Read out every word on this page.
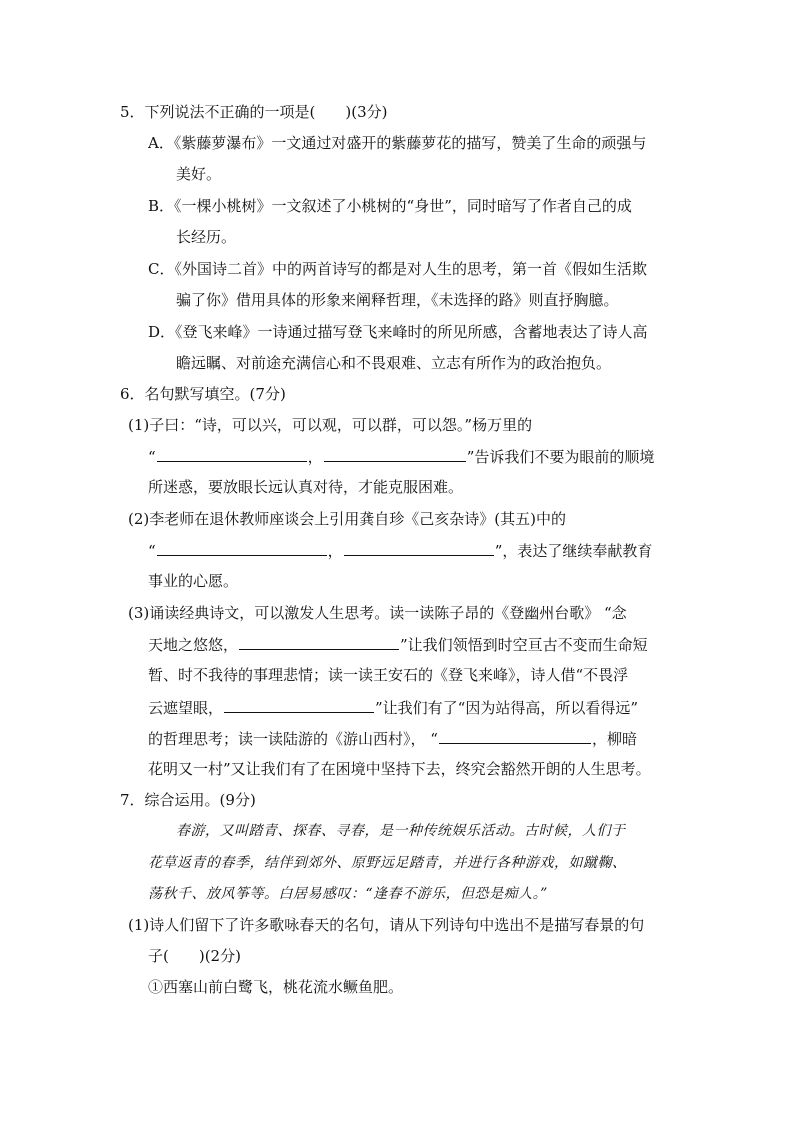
5．下列说法不正确的一项是(　　)(3分)
A．《紫藤萝瀑布》一文通过对盛开的紫藤萝花的描写，赞美了生命的顽强与
美好。
B．《一棵小桃树》一文叙述了小桃树的“身世”，同时暗写了作者自己的成
长经历。
C．《外国诗二首》中的两首诗写的都是对人生的思考，第一首《假如生活欺
骗了你》借用具体的形象来阐释哲理，《未选择的路》则直抒胸臆。
D．《登飞来峰》一诗通过描写登飞来峰时的所见所感，含蓄地表达了诗人高
瞻远瞩、对前途充满信心和不畏艰难、立志有所作为的政治抱负。
6．名句默写填空。(7分)
(1)子曰：“诗，可以兴，可以观，可以群，可以怨。”杨万里的
“	，	”告诉我们不要为眼前的顺境
所迷惑，要放眼长远认真对待，才能克服困难。
(2)李老师在退休教师座谈会上引用龚自珍《己亥杂诗》(其五)中的
“	，	”，表达了继续奉献教育
事业的心愿。
(3)诵读经典诗文，可以激发人生思考。读一读陈子昂的《登幽州台歌》 “念
天地之悠悠，	”让我们领悟到时空亘古不变而生命短
暂、时不我待的事理悲情；读一读王安石的《登飞来峰》，诗人借“不畏浮
云遮望眼，	”让我们有了“因为站得高，所以看得远”
的哲理思考；读一读陆游的《游山西村》， “	，柳暗
花明又一村”又让我们有了在困境中坚持下去，终究会豁然开朗的人生思考。
7．综合运用。(9分)
春游，又叫踏青、探春、寻春，是一种传统娱乐活动。古时候，人们于
花草返青的春季，结伴到郊外、原野远足踏青，并进行各种游戏，如蹴鞠、
荡秋千、放风筝等。白居易感叹：“逢春不游乐，但恐是痴人。”
(1)诗人们留下了许多歌咏春天的名句，请从下列诗句中选出不是描写春景的句
子(　　)(2分)
①西塞山前白鹭飞，桃花流水鳜鱼肥。
